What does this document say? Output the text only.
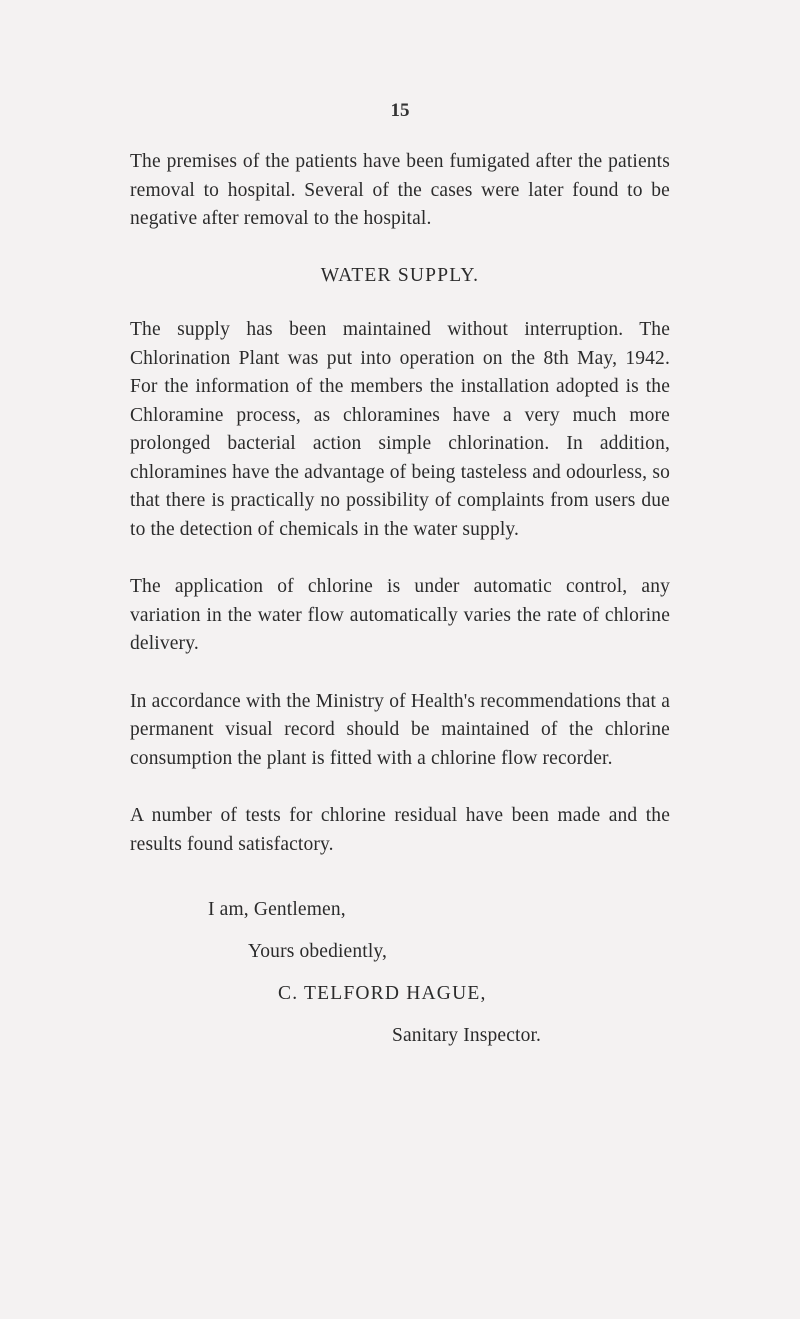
15

The premises of the patients have been fumigated after the patients removal to hospital. Several of the cases were later found to be negative after removal to the hospital.

WATER SUPPLY.

The supply has been maintained without interruption. The Chlorination Plant was put into operation on the 8th May, 1942. For the information of the members the installation adopted is the Chloramine process, as chloramines have a very much more prolonged bacterial action simple chlorination. In addition, chloramines have the advantage of being tasteless and odourless, so that there is practically no possibility of complaints from users due to the detection of chemicals in the water supply.

The application of chlorine is under automatic control, any variation in the water flow automatically varies the rate of chlorine delivery.

In accordance with the Ministry of Health's recommendations that a permanent visual record should be maintained of the chlorine consumption the plant is fitted with a chlorine flow recorder.

A number of tests for chlorine residual have been made and the results found satisfactory.

I am, Gentlemen,
Yours obediently,
C. TELFORD HAGUE,
Sanitary Inspector.
